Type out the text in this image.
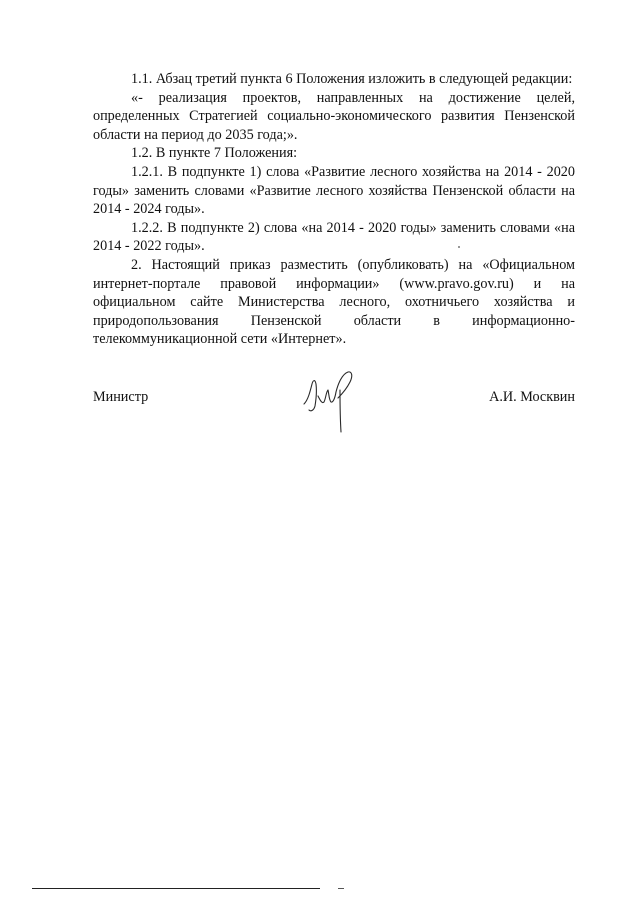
1.1. Абзац третий пункта 6 Положения изложить в следующей редакции:

«- реализация проектов, направленных на достижение целей, определенных Стратегией социально-экономического развития Пензенской области на период до 2035 года;».

1.2. В пункте 7 Положения:

1.2.1. В подпункте 1) слова «Развитие лесного хозяйства на 2014 - 2020 годы» заменить словами «Развитие лесного хозяйства Пензенской области на 2014 - 2024 годы».

1.2.2. В подпункте 2) слова «на 2014 - 2020 годы» заменить словами «на 2014 - 2022 годы».

2. Настоящий приказ разместить (опубликовать) на «Официальном интернет-портале правовой информации» (www.pravo.gov.ru) и на официальном сайте Министерства лесного, охотничьего хозяйства и природопользования Пензенской области в информационно-телекоммуникационной сети «Интернет».

Министр	А.И. Москвин
